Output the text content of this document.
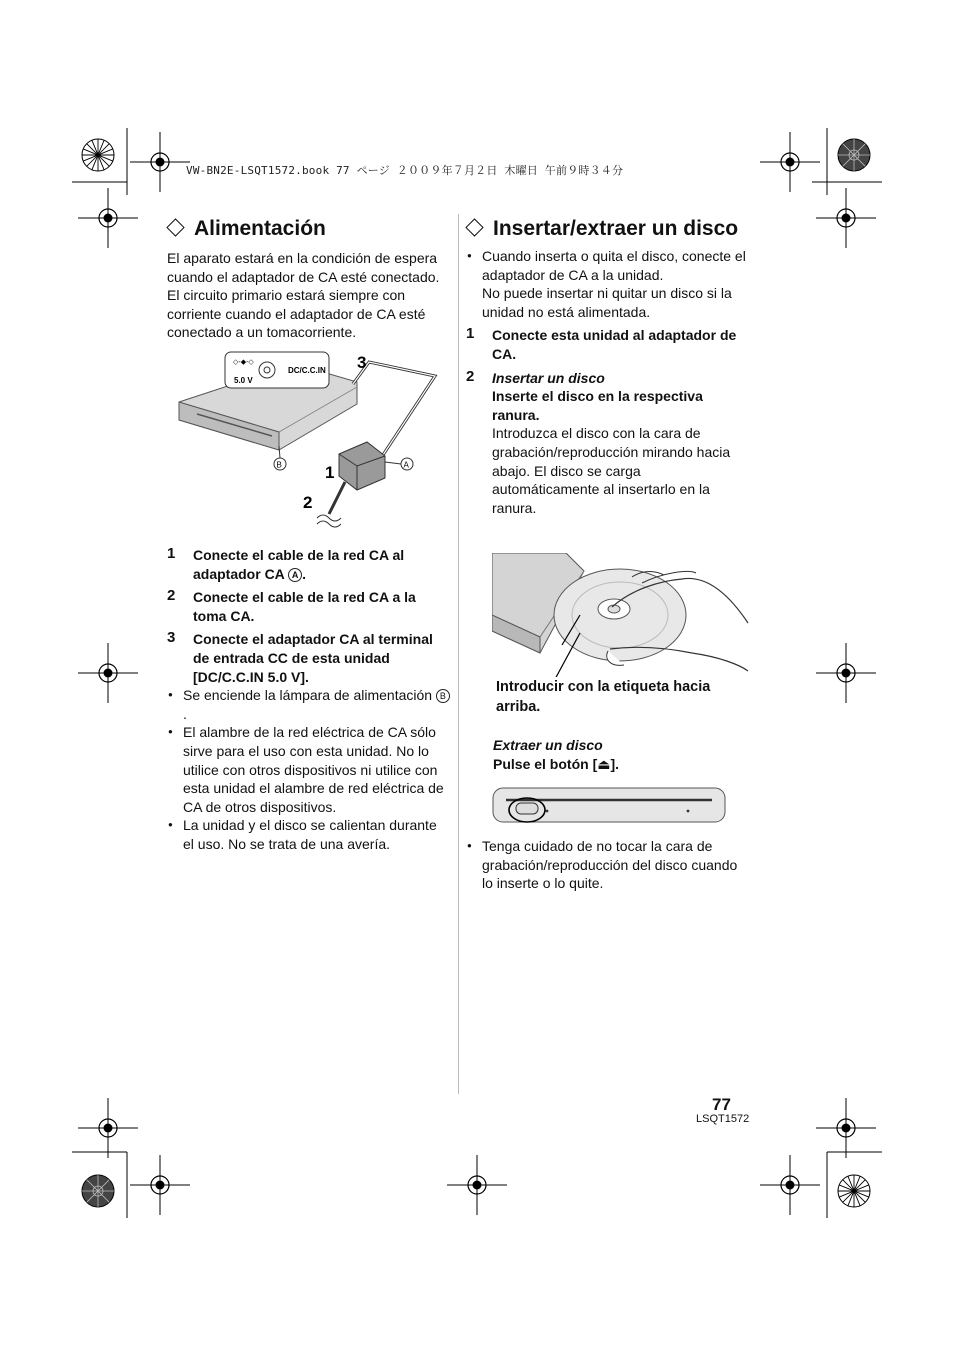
VW-BN2E-LSQT1572.book 77 ページ ２００９年７月２日 木曜日 午前９時３４分
Alimentación

El aparato estará en la condición de espera cuando el adaptador de CA esté conectado. El circuito primario estará siempre con corriente cuando el adaptador de CA esté conectado a un tomacorriente.

◇-◆-◇
5.0 V
DC/C.C.IN 3
1
2
A
B

1 Conecte el cable de la red CA al adaptador CA A .

2 Conecte el cable de la red CA a la toma CA.

3 Conecte el adaptador CA al terminal de entrada CC de esta unidad [DC/C.C.IN 5.0 V].

● Se enciende la lámpara de alimentación B.

● El alambre de la red eléctrica de CA sólo sirve para el uso con esta unidad. No lo utilice con otros dispositivos ni utilice con esta unidad el alambre de red eléctrica de CA de otros dispositivos.

● La unidad y el disco se calientan durante el uso. No se trata de una avería.

Insertar/extraer un disco

● Cuando inserta o quita el disco, conecte el adaptador de CA a la unidad.
No puede insertar ni quitar un disco si la unidad no está alimentada.

1 Conecte esta unidad al adaptador de CA.

2 Insertar un disco

Inserte el disco en la respectiva ranura.

Introduzca el disco con la cara de grabación/reproducción mirando hacia abajo. El disco se carga automáticamente al insertarlo en la ranura.

Introducir con la etiqueta hacia arriba.

Extraer un disco

Pulse el botón [⏏].

● Tenga cuidado de no tocar la cara de grabación/reproducción del disco cuando lo inserte o lo quite.

77
LSQT1572
